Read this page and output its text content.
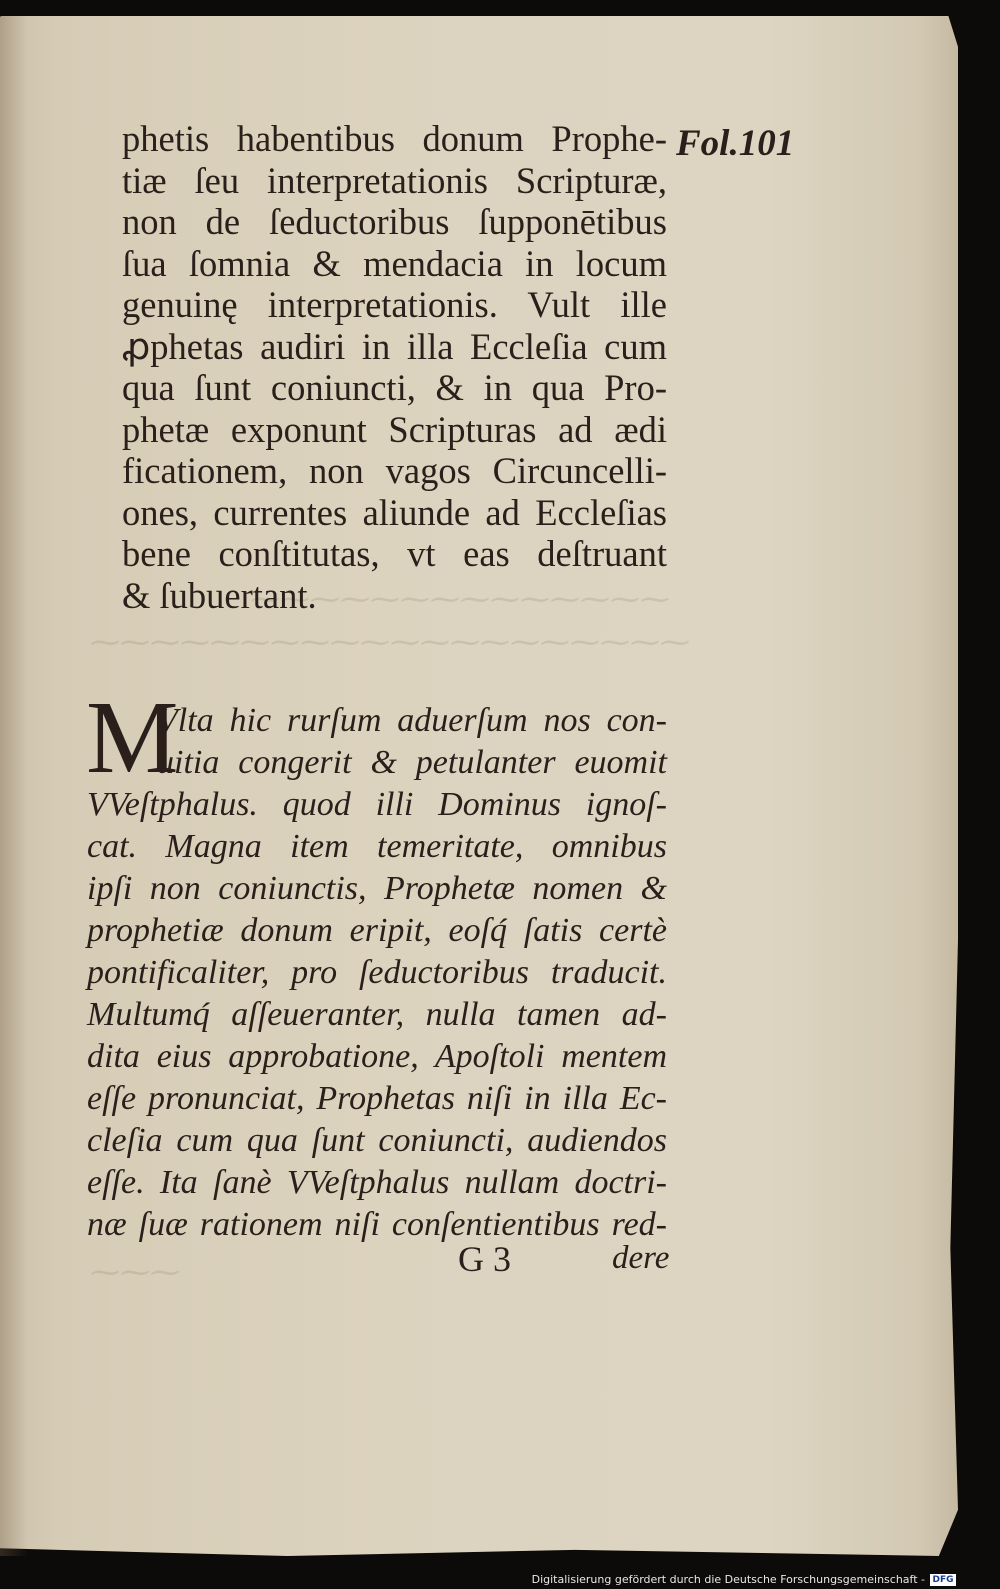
⁓⁓⁓⁓⁓⁓⁓⁓⁓⁓⁓⁓⁓⁓
⁓⁓⁓⁓⁓⁓⁓⁓⁓⁓⁓⁓⁓⁓⁓⁓⁓⁓⁓⁓
⁓⁓⁓
Fol.101
phetis habentibus donum Prophe-
tiæ ſeu interpretationis Scripturæ,
non de ſeductoribus ſupponētibus
ſua ſomnia & mendacia in locum
genuinę interpretationis. Vult ille
ꝓphetas audiri in illa Eccleſia cum
qua ſunt coniuncti, & in qua Pro-
phetæ exponunt Scripturas ad ædi
ficationem, non vagos Circuncelli-
ones, currentes aliunde ad Eccleſias
bene conſtitutas, vt eas deſtruant
& ſubuertant.
M
Vlta hic rurſum aduerſum nos con-
uitia congerit & petulanter euomit
VVeſtphalus. quod illi Dominus ignoſ-
cat. Magna item temeritate, omnibus
ipſi non coniunctis, Prophetæ nomen &
prophetiæ donum eripit, eoſq́ ſatis certè
pontificaliter, pro ſeductoribus traducit.
Multumq́ aſſeueranter, nulla tamen ad-
dita eius approbatione, Apoſtoli mentem
eſſe pronunciat, Prophetas niſi in illa Ec-
cleſia cum qua ſunt coniuncti, audiendos
eſſe. Ita ſanè VVeſtphalus nullam doctri-
næ ſuæ rationem niſi conſentientibus red-
G 3	dere
Digitalisierung gefördert durch die Deutsche Forschungsgemeinschaft - DFG
